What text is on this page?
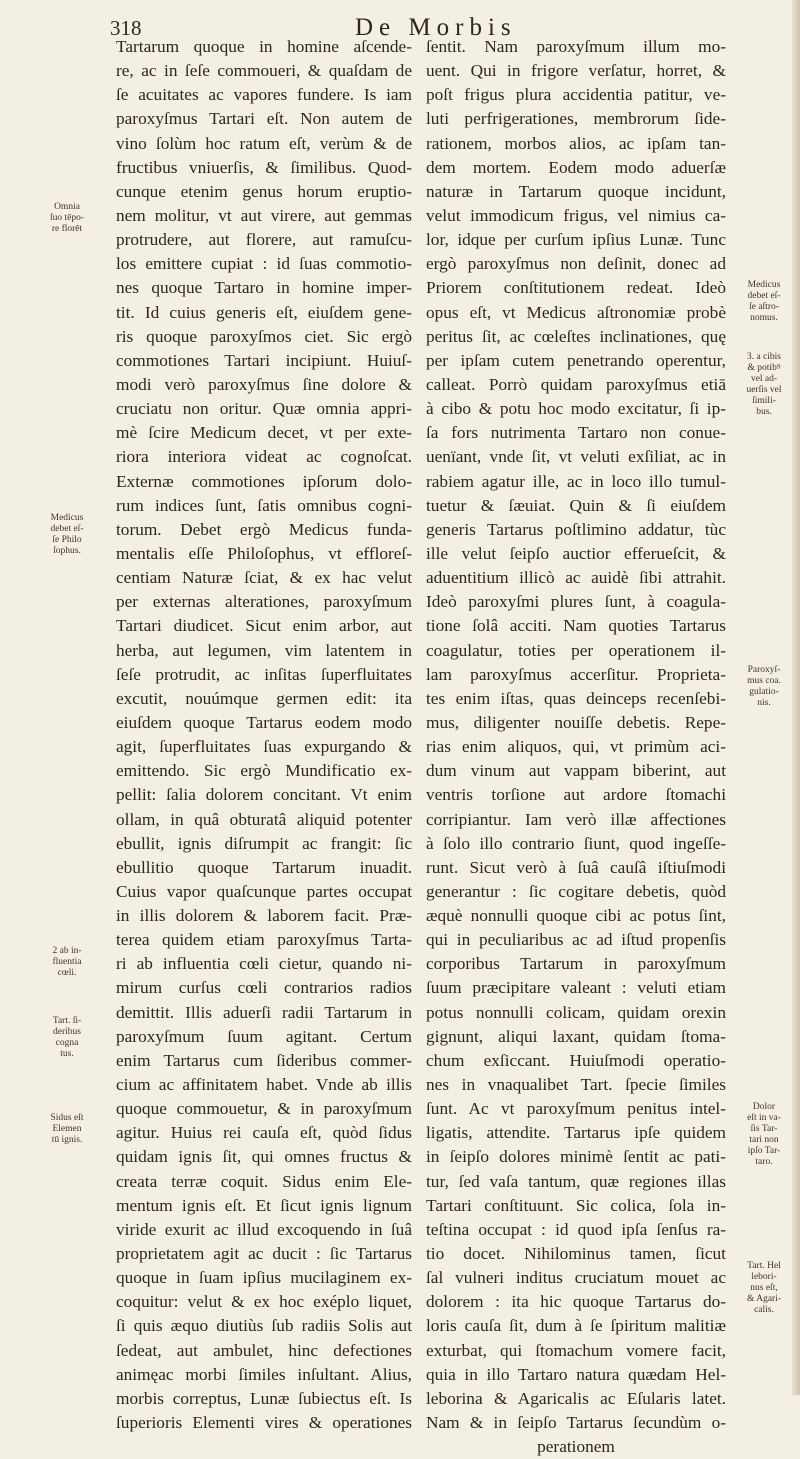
318	De Morbis
Tartarum quoque in homine aſcende-
re, ac in ſeſe commoueri, & quaſdam de
ſe acuitates ac vapores fundere. Is iam
paroxyſmus Tartari eſt. Non autem de
vino ſolùm hoc ratum eſt, verùm & de
fructibus vniuerſis, & ſimilibus. Quod-
cunque etenim genus horum eruptio-
nem molitur, vt aut virere, aut gemmas
protrudere, aut florere, aut ramuſcu-
los emittere cupiat : id ſuas commotio-
nes quoque Tartaro in homine imper-
tit. Id cuius generis eſt, eiuſdem gene-
ris quoque paroxyſmos ciet. Sic ergò
commotiones Tartari incipiunt. Huiuſ-
modi verò paroxyſmus ſine dolore &
cruciatu non oritur. Quæ omnia appri-
mè ſcire Medicum decet, vt per exte-
riora interiora videat ac cognoſcat.
Externæ commotiones ipſorum dolo-
rum indices ſunt, ſatis omnibus cogni-
torum. Debet ergò Medicus funda-
mentalis eſſe Philoſophus, vt effloreſ-
centiam Naturæ ſciat, & ex hac velut
per externas alterationes, paroxyſmum
Tartari diudicet. Sicut enim arbor, aut
herba, aut legumen, vim latentem in
ſeſe protrudit, ac inſitas ſuperfluitates
excutit, nouúmque germen edit: ita
eiuſdem quoque Tartarus eodem modo
agit, ſuperfluitates ſuas expurgando &
emittendo. Sic ergò Mundificatio ex-
pellit: ſalia dolorem concitant. Vt enim
ollam, in quâ obturatâ aliquid potenter
ebullit, ignis diſrumpit ac frangit: ſic
ebullitio quoque Tartarum inuadit.
Cuius vapor quaſcunque partes occupat
in illis dolorem & laborem facit. Præ-
terea quidem etiam paroxyſmus Tarta-
ri ab influentia cœli cietur, quando ni-
mirum curſus cœli contrarios radios
demittit. Illis aduerſi radii Tartarum in
paroxyſmum ſuum agitant. Certum
enim Tartarus cum ſideribus commer-
cium ac affinitatem habet. Vnde ab illis
quoque commouetur, & in paroxyſmum
agitur. Huius rei cauſa eſt, quòd ſidus
quidam ignis ſit, qui omnes fructus &
creata terræ coquit. Sidus enim Ele-
mentum ignis eſt. Et ſicut ignis lignum
viride exurit ac illud excoquendo in ſuâ
proprietatem agit ac ducit : ſic Tartarus
quoque in ſuam ipſius mucilaginem ex-
coquitur: velut & ex hoc exéplo liquet,
ſi quis æquo diutiùs ſub radiis Solis aut
ſedeat, aut ambulet, hinc defectiones
animęac morbi ſimiles inſultant. Alius,
morbis correptus, Lunæ ſubiectus eſt. Is
ſuperioris Elementi vires & operationes
ſentit. Nam paroxyſmum illum mo-
uent. Qui in frigore verſatur, horret, &
poſt frigus plura accidentia patitur, ve-
luti perfrigerationes, membrorum ſide-
rationem, morbos alios, ac ipſam tan-
dem mortem. Eodem modo aduerſæ
naturæ in Tartarum quoque incidunt,
velut immodicum frigus, vel nimius ca-
lor, idque per curſum ipſius Lunæ. Tunc
ergò paroxyſmus non deſinit, donec ad
Priorem conſtitutionem redeat. Ideò
opus eſt, vt Medicus aſtronomiæ probè
peritus ſit, ac cœleſtes inclinationes, quę
per ipſam cutem penetrando operentur,
calleat. Porrò quidam paroxyſmus etiā
à cibo & potu hoc modo excitatur, ſi ip-
ſa fors nutrimenta Tartaro non conue-
uenïant, vnde ſit, vt veluti exſiliat, ac in
rabiem agatur ille, ac in loco illo tumul-
tuetur & ſæuiat. Quin & ſi eiuſdem
generis Tartarus poſtlimino addatur, tùc
ille velut ſeipſo auctior efferueſcit, &
aduentitium illicò ac auidè ſibi attrahit.
Ideò paroxyſmi plures ſunt, à coagula-
tione ſolâ acciti. Nam quoties Tartarus
coagulatur, toties per operationem il-
lam paroxyſmus accerſitur. Proprieta-
tes enim iſtas, quas deinceps recenſebi-
mus, diligenter nouiſſe debetis. Repe-
rias enim aliquos, qui, vt primùm aci-
dum vinum aut vappam biberint, aut
ventris torſione aut ardore ſtomachi
corripiantur. Iam verò illæ affectiones
à ſolo illo contrario ſiunt, quod ingeſſe-
runt. Sicut verò à ſuâ cauſâ iſtiuſmodi
generantur : ſic cogitare debetis, quòd
æquè nonnulli quoque cibi ac potus ſint,
qui in peculiaribus ac ad iſtud propenſis
corporibus Tartarum in paroxyſmum
ſuum præcipitare valeant : veluti etiam
potus nonnulli colicam, quidam orexin
gignunt, aliqui laxant, quidam ſtoma-
chum exſiccant. Huiuſmodi operatio-
nes in vnaqualibet Tart. ſpecie ſimiles
ſunt. Ac vt paroxyſmum penitus intel-
ligatis, attendite. Tartarus ipſe quidem
in ſeipſo dolores minimè ſentit ac pati-
tur, ſed vaſa tantum, quæ regiones illas
Tartari conſtituunt. Sic colica, ſola in-
teſtina occupat : id quod ipſa ſenſus ra-
tio docet. Nihilominus tamen, ſicut
ſal vulneri inditus cruciatum mouet ac
dolorem : ita hic quoque Tartarus do-
loris cauſa ſit, dum à ſe ſpiritum malitiæ
exturbat, qui ſtomachum vomere facit,
quia in illo Tartaro natura quædam Hel-
leborina & Agaricalis ac Eſularis latet.
Nam & in ſeipſo Tartarus ſecundùm o-
perationem
Omnia
ſuo tēpo-
re florēt
Medicus
debet eſ-
ſe Philo
ſophus.
2 ab in-
fluentia
cœli.
Tart. ſi-
deribus
cogna
tus.
Sidus eſt
Elemen
tū ignis.
Medicus
debet eſ-
ſe aſtro-
nomus.
3. a cibis
& potibꝰ
vel ad-
uerſis vel
ſimili-
bus.
Paroxyſ-
mus coa.
gulatio-
nis.
Dolor
eſt in va-
ſis Tar-
tari non
ipſo Tar-
taro.
Tart. Hel
lebori-
nus eſt,
& Agari-
calis.
